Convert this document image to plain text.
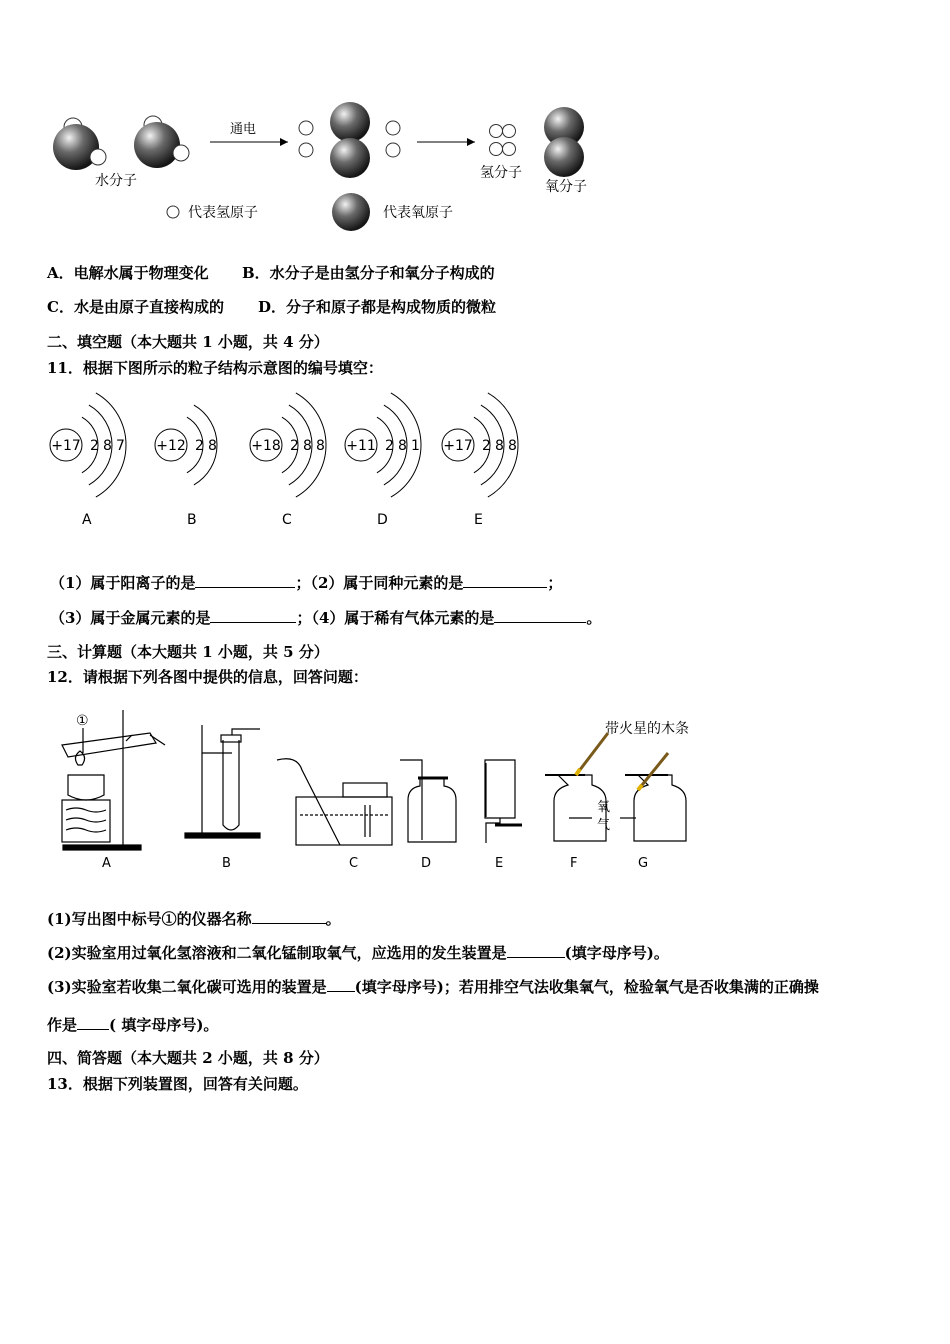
水分子
通电
氢分子
氧分子
代表氢原子	代表氧原子
A．电解水属于物理变化 B．水分子是由氢分子和氧分子构成的
C．水是由原子直接构成的 D．分子和原子都是构成物质的微粒
二、填空题（本大题共 1 小题，共 4 分）
11．根据下图所示的粒子结构示意图的编号填空：
+17 2 8 7
A
+12 2 8
B
+18 2 8 8
C
+11 2 8 1
D
+17 2 8 8
E
（1）属于阳离子的是	；（2）属于同种元素的是	；
（3）属于金属元素的是	；（4）属于稀有气体元素的是	。
三、计算题（本大题共 1 小题，共 5 分）
12．请根据下列各图中提供的信息，回答问题：
①	带火星的木条
氧
气
A	B	C	D	E	F	G
(1)写出图中标号①的仪器名称	。
(2)实验室用过氧化氢溶液和二氧化锰制取氧气，应选用的发生装置是	(填字母序号)。
(3)实验室若收集二氧化碳可选用的装置是 (填字母序号)；若用排空气法收集氧气，检验氧气是否收集满的正确操
作是 ( 填字母序号)。
四、简答题（本大题共 2 小题，共 8 分）
13．根据下列装置图，回答有关问题。
